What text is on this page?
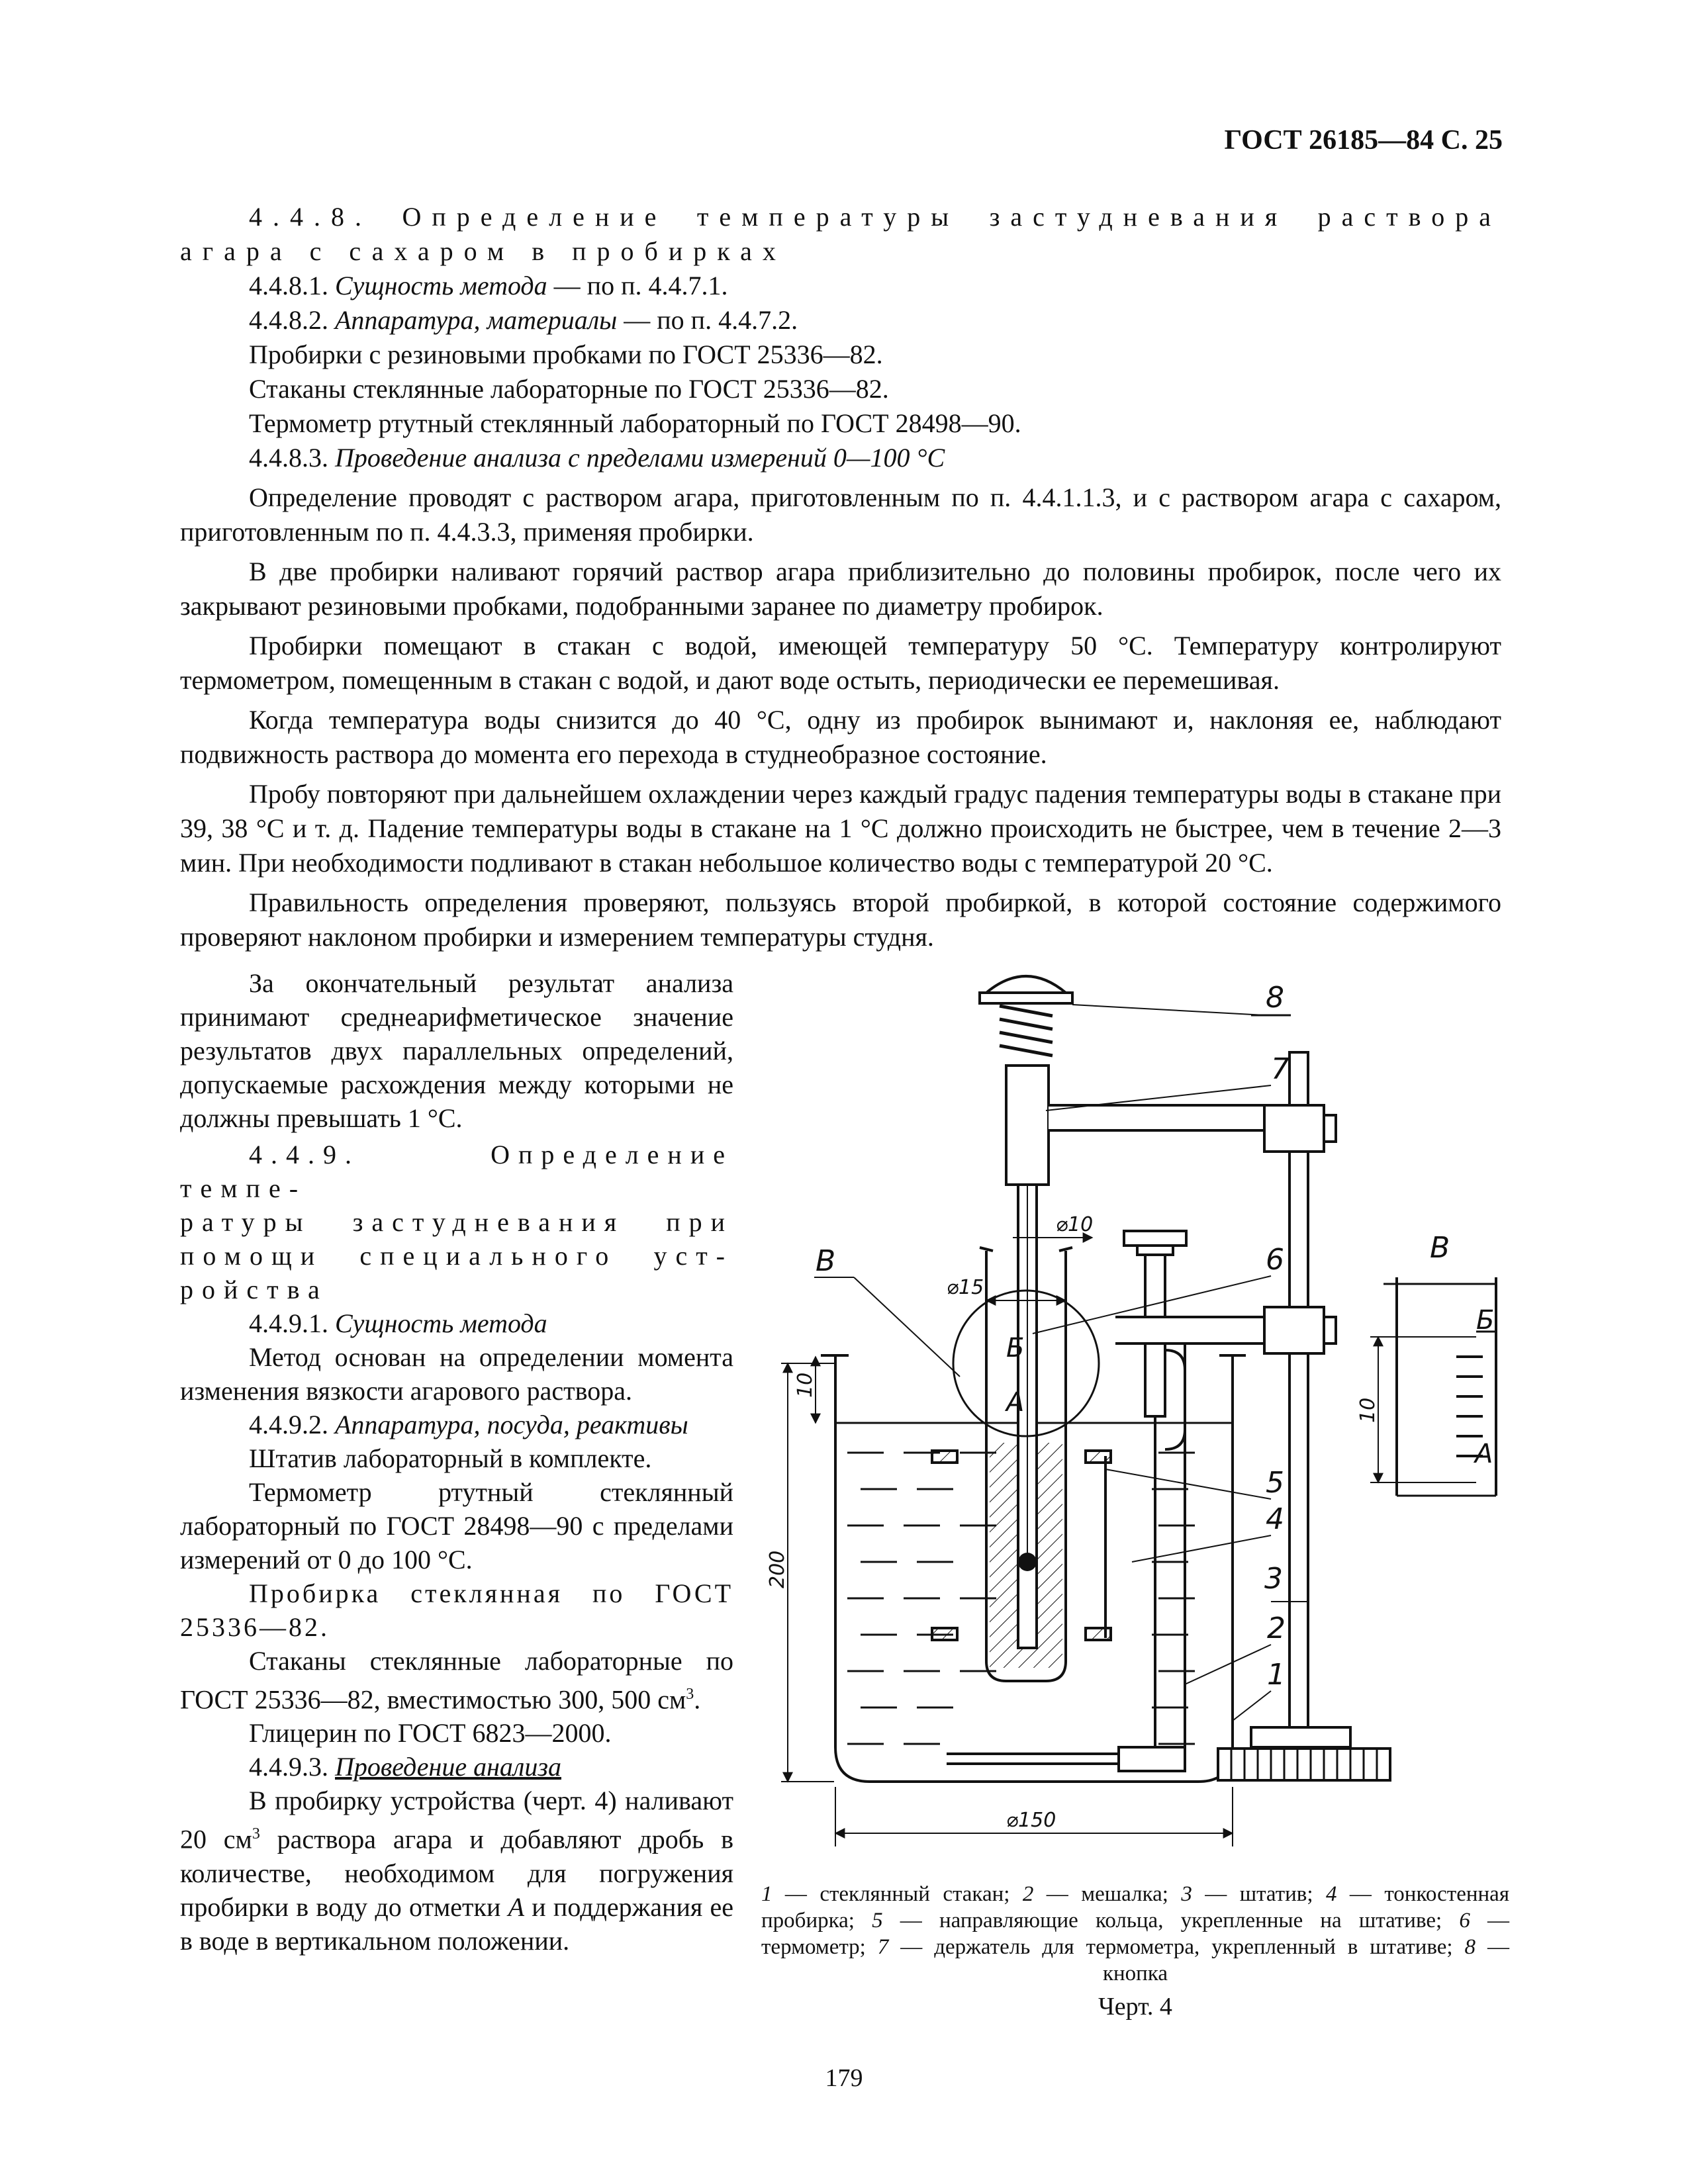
ГОСТ 26185—84 С. 25

4.4.8. Определение температуры застудневания раствора

агара с сахаром в пробирках

4.4.8.1. Сущность метода — по п. 4.4.7.1.

4.4.8.2. Аппаратура, материалы — по п. 4.4.7.2.

Пробирки с резиновыми пробками по ГОСТ 25336—82.

Стаканы стеклянные лабораторные по ГОСТ 25336—82.

Термометр ртутный стеклянный лабораторный по ГОСТ 28498—90.

4.4.8.3. Проведение анализа с пределами измерений 0—100 °С

Определение проводят с раствором агара, приготовленным по п. 4.4.1.1.3, и с раствором агара с сахаром, приготовленным по п. 4.4.3.3, применяя пробирки.

В две пробирки наливают горячий раствор агара приблизительно до половины пробирок, после чего их закрывают резиновыми пробками, подобранными заранее по диаметру пробирок.

Пробирки помещают в стакан с водой, имеющей температуру 50 °С. Температуру контролируют термометром, помещенным в стакан с водой, и дают воде остыть, периодически ее перемешивая.

Когда температура воды снизится до 40 °С, одну из пробирок вынимают и, наклоняя ее, наблюдают подвижность раствора до момента его перехода в студнеобразное состояние.

Пробу повторяют при дальнейшем охлаждении через каждый градус падения температуры воды в стакане при 39, 38 °С и т. д. Падение температуры воды в стакане на 1 °С должно происходить не быстрее, чем в течение 2—3 мин. При необходимости подливают в стакан небольшое количество воды с температурой 20 °С.

Правильность определения проверяют, пользуясь второй пробиркой, в которой состояние содержимого проверяют наклоном пробирки и измерением температуры студня.

За окончательный результат анализа принимают среднеарифметическое значение результатов двух параллельных определений, допускаемые расхождения между которыми не должны превышать 1 °С.

4.4.9. Определение темпе-

ратуры застудневания при

помощи специального уст-

ройства

4.4.9.1. Сущность метода

Метод основан на определении момента изменения вязкости агарового раствора.

4.4.9.2. Аппаратура, посуда, реактивы

Штатив лабораторный в комплекте.

Термометр ртутный стеклянный лабораторный по ГОСТ 28498—90 с пределами измерений от 0 до 100 °С.

Пробирка стеклянная по ГОСТ 25336—82.

Стаканы стеклянные лабораторные по ГОСТ 25336—82, вместимостью 300, 500 $см^3$.

Глицерин по ГОСТ 6823—2000.

4.4.9.3. Проведение анализа

В пробирку устройства (черт. 4) наливают 20 $см^3$ раствора агара и добавляют дробь в количестве, необходимом для погружения пробирки в воду до отметки А и поддержания ее в воде в вертикальном положении.

8
7
6
5
4
3
2
1
В	В
Б
А
Б
А
⌀10
⌀15
⌀150
10
200
10
1 — стеклянный стакан; 2 — мешалка; 3 — штатив; 4 — тонкостенная пробирка; 5 — направляющие кольца, укрепленные на штативе; 6 — термометр; 7 — держатель для термометра, укрепленный в штативе; 8 — кнопка
Черт. 4
179
